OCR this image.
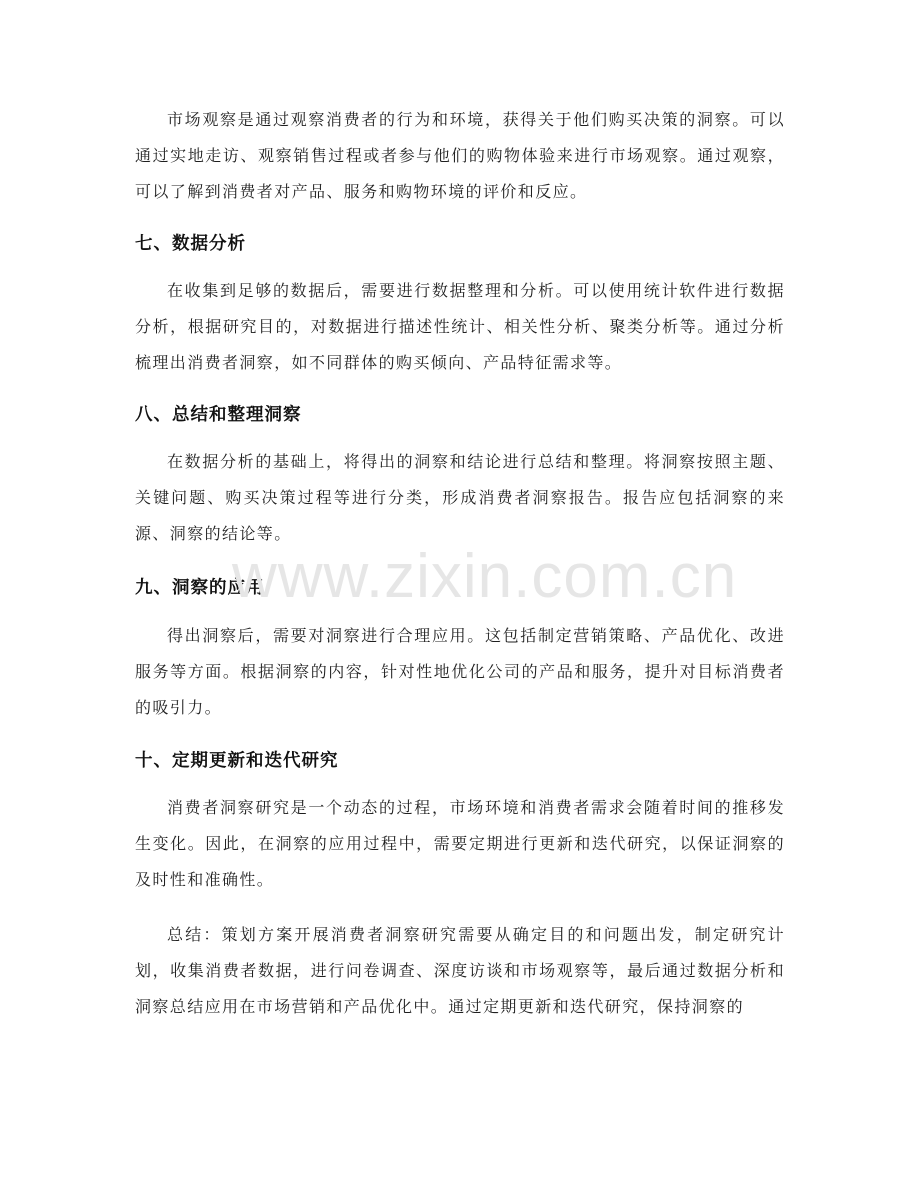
市场观察是通过观察消费者的行为和环境，获得关于他们购买决策的洞察。可以通过实地走访、观察销售过程或者参与他们的购物体验来进行市场观察。通过观察，可以了解到消费者对产品、服务和购物环境的评价和反应。

七、数据分析

在收集到足够的数据后，需要进行数据整理和分析。可以使用统计软件进行数据分析，根据研究目的，对数据进行描述性统计、相关性分析、聚类分析等。通过分析梳理出消费者洞察，如不同群体的购买倾向、产品特征需求等。

八、总结和整理洞察

在数据分析的基础上，将得出的洞察和结论进行总结和整理。将洞察按照主题、关键问题、购买决策过程等进行分类，形成消费者洞察报告。报告应包括洞察的来源、洞察的结论等。

九、洞察的应用

得出洞察后，需要对洞察进行合理应用。这包括制定营销策略、产品优化、改进服务等方面。根据洞察的内容，针对性地优化公司的产品和服务，提升对目标消费者的吸引力。

十、定期更新和迭代研究

消费者洞察研究是一个动态的过程，市场环境和消费者需求会随着时间的推移发生变化。因此，在洞察的应用过程中，需要定期进行更新和迭代研究，以保证洞察的及时性和准确性。

总结：策划方案开展消费者洞察研究需要从确定目的和问题出发，制定研究计划，收集消费者数据，进行问卷调查、深度访谈和市场观察等，最后通过数据分析和洞察总结应用在市场营销和产品优化中。通过定期更新和迭代研究，保持洞察的

www.zixin.com.cn
